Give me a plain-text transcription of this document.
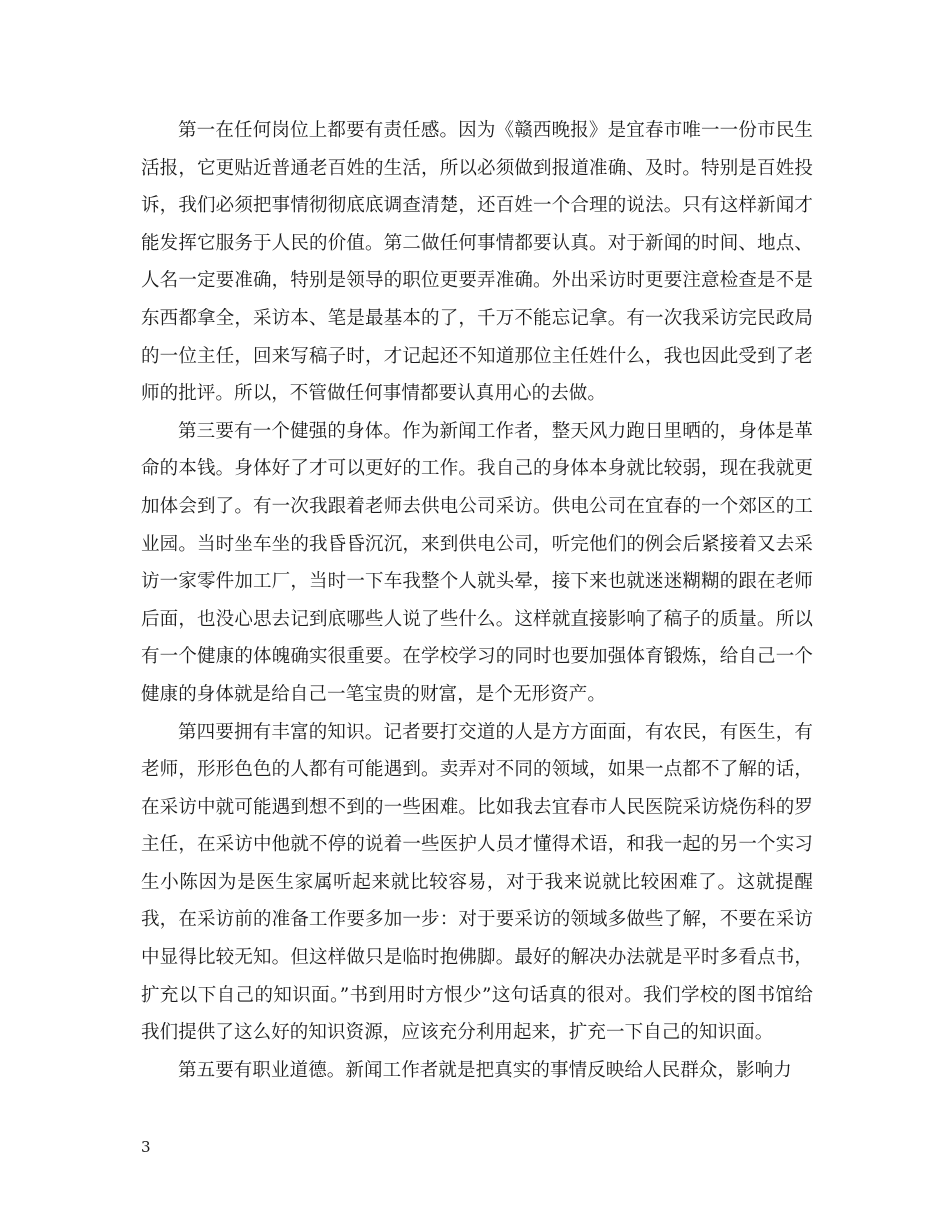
第一在任何岗位上都要有责任感。因为《赣西晚报》是宜春市唯一一份市民生活报，它更贴近普通老百姓的生活，所以必须做到报道准确、及时。特别是百姓投诉，我们必须把事情彻彻底底调查清楚，还百姓一个合理的说法。只有这样新闻才能发挥它服务于人民的价值。第二做任何事情都要认真。对于新闻的时间、地点、人名一定要准确，特别是领导的职位更要弄准确。外出采访时更要注意检查是不是东西都拿全，采访本、笔是最基本的了，千万不能忘记拿。有一次我采访完民政局的一位主任，回来写稿子时，才记起还不知道那位主任姓什么，我也因此受到了老师的批评。所以，不管做任何事情都要认真用心的去做。

第三要有一个健强的身体。作为新闻工作者，整天风力跑日里晒的，身体是革命的本钱。身体好了才可以更好的工作。我自己的身体本身就比较弱，现在我就更加体会到了。有一次我跟着老师去供电公司采访。供电公司在宜春的一个郊区的工业园。当时坐车坐的我昏昏沉沉，来到供电公司，听完他们的例会后紧接着又去采访一家零件加工厂，当时一下车我整个人就头晕，接下来也就迷迷糊糊的跟在老师后面，也没心思去记到底哪些人说了些什么。这样就直接影响了稿子的质量。所以有一个健康的体魄确实很重要。在学校学习的同时也要加强体育锻炼，给自己一个健康的身体就是给自己一笔宝贵的财富，是个无形资产。

第四要拥有丰富的知识。记者要打交道的人是方方面面，有农民，有医生，有老师，形形色色的人都有可能遇到。卖弄对不同的领域，如果一点都不了解的话，在采访中就可能遇到想不到的一些困难。比如我去宜春市人民医院采访烧伤科的罗主任，在采访中他就不停的说着一些医护人员才懂得术语，和我一起的另一个实习生小陈因为是医生家属听起来就比较容易，对于我来说就比较困难了。这就提醒我，在采访前的准备工作要多加一步：对于要采访的领域多做些了解，不要在采访中显得比较无知。但这样做只是临时抱佛脚。最好的解决办法就是平时多看点书，扩充以下自己的知识面。”书到用时方恨少”这句话真的很对。我们学校的图书馆给我们提供了这么好的知识资源，应该充分利用起来，扩充一下自己的知识面。

第五要有职业道德。新闻工作者就是把真实的事情反映给人民群众，影响力

3
